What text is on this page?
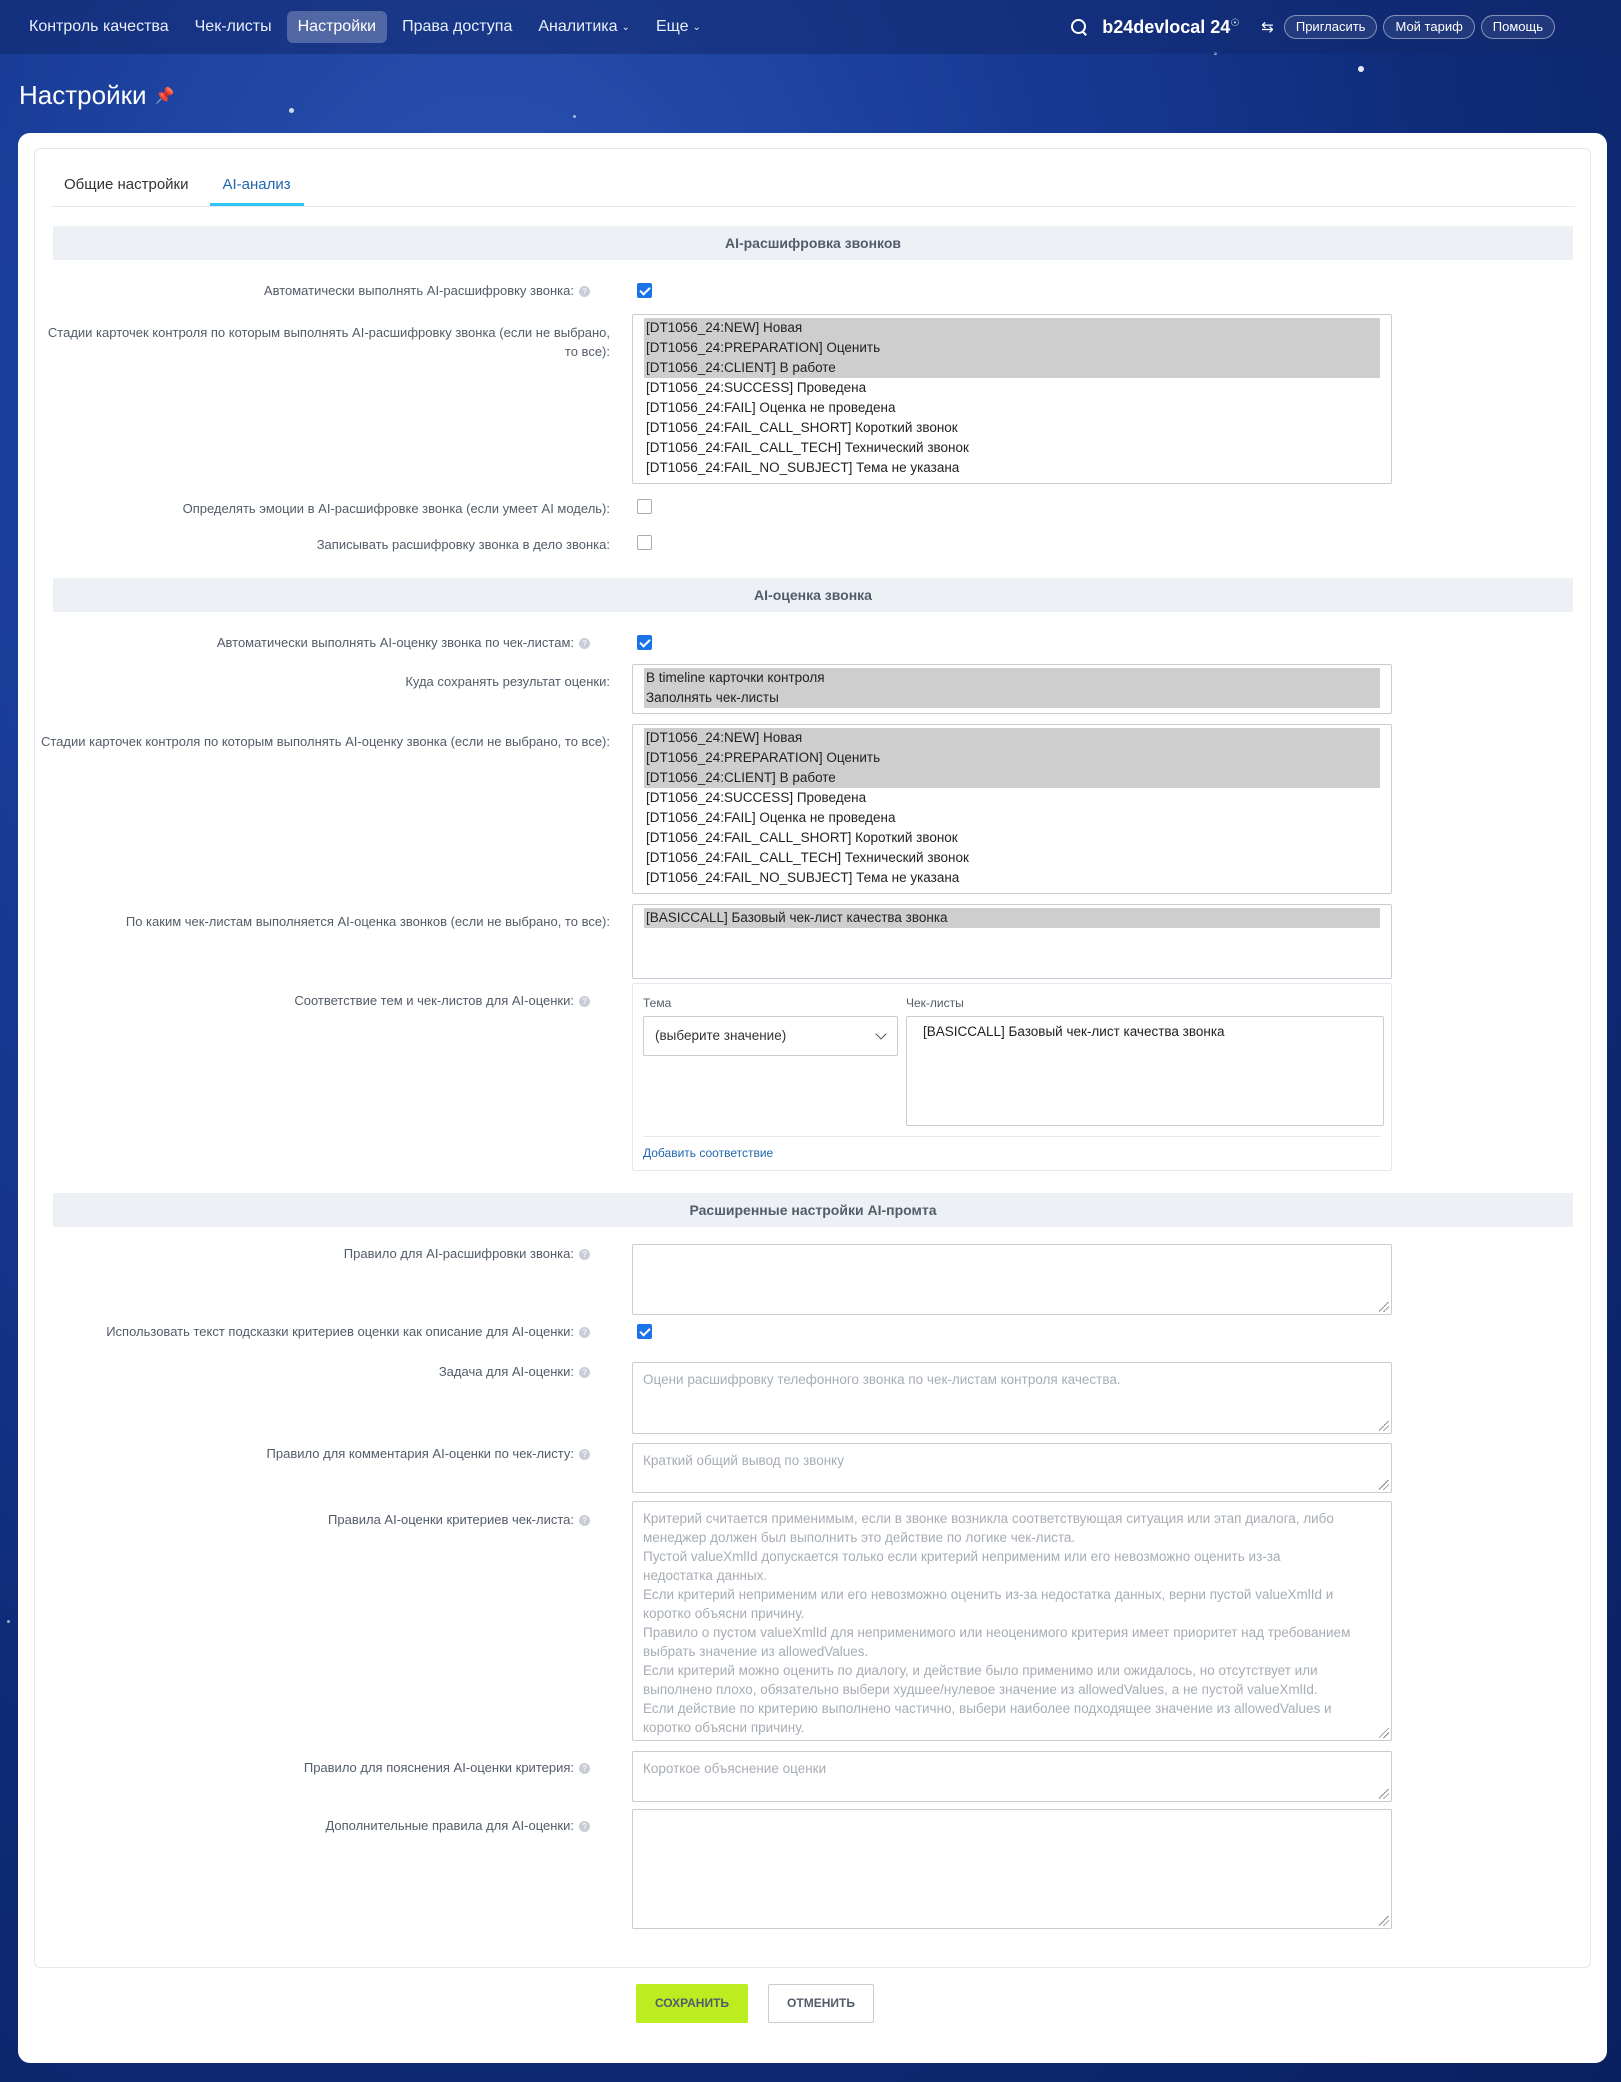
Контроль качества	Чек-листы	Настройки	Права доступа	Аналитика ⌄	Еще ⌄	b24devlocal 24☉ ⇆	Пригласить	Мой тариф	Помощь
Настройки 📌
Общие настройки	AI-анализ
AI-расшифровка звонков
Автоматически выполнять AI-расшифровку звонка: ?
Стадии карточек контроля по которым выполнять AI-расшифровку звонка (если не выбрано,
то все):
[DT1056_24:NEW] Новая
[DT1056_24:PREPARATION] Оценить
[DT1056_24:CLIENT] В работе
[DT1056_24:SUCCESS] Проведена
[DT1056_24:FAIL] Оценка не проведена
[DT1056_24:FAIL_CALL_SHORT] Короткий звонок
[DT1056_24:FAIL_CALL_TECH] Технический звонок
[DT1056_24:FAIL_NO_SUBJECT] Тема не указана
Определять эмоции в AI-расшифровке звонка (если умеет AI модель):
Записывать расшифровку звонка в дело звонка:
AI-оценка звонка
Автоматически выполнять AI-оценку звонка по чек-листам: ?
Куда сохранять результат оценки:	В timeline карточки контроля
Заполнять чек-листы
Стадии карточек контроля по которым выполнять AI-оценку звонка (если не выбрано, то все):	[DT1056_24:NEW] Новая
[DT1056_24:PREPARATION] Оценить
[DT1056_24:CLIENT] В работе
[DT1056_24:SUCCESS] Проведена
[DT1056_24:FAIL] Оценка не проведена
[DT1056_24:FAIL_CALL_SHORT] Короткий звонок
[DT1056_24:FAIL_CALL_TECH] Технический звонок
[DT1056_24:FAIL_NO_SUBJECT] Тема не указана
По каким чек-листам выполняется AI-оценка звонков (если не выбрано, то все):	[BASICCALL] Базовый чек-лист качества звонка
Соответствие тем и чек-листов для AI-оценки: ?	Тема	Чек-листы
(выберите значение)	[BASICCALL] Базовый чек-лист качества звонка
Добавить соответствие
Расширенные настройки AI-промта
Правило для AI-расшифровки звонка: ?
Использовать текст подсказки критериев оценки как описание для AI-оценки: ?
Задача для AI-оценки: ?	Оцени расшифровку телефонного звонка по чек-листам контроля качества.
Правило для комментария AI-оценки по чек-листу: ?	Краткий общий вывод по звонку
Правила AI-оценки критериев чек-листа: ?	Критерий считается применимым, если в звонке возникла соответствующая ситуация или этап диалога, либо
менеджер должен был выполнить это действие по логике чек-листа.
Пустой valueXmlId допускается только если критерий неприменим или его невозможно оценить из-за
недостатка данных.
Если критерий неприменим или его невозможно оценить из-за недостатка данных, верни пустой valueXmlId и
коротко объясни причину.
Правило о пустом valueXmlId для неприменимого или неоценимого критерия имеет приоритет над требованием
выбрать значение из allowedValues.
Если критерий можно оценить по диалогу, и действие было применимо или ожидалось, но отсутствует или
выполнено плохо, обязательно выбери худшее/нулевое значение из allowedValues, а не пустой valueXmlId.
Если действие по критерию выполнено частично, выбери наиболее подходящее значение из allowedValues и
коротко объясни причину.
Правило для пояснения AI-оценки критерия: ?	Короткое объяснение оценки
Дополнительные правила для AI-оценки: ?
СОХРАНИТЬ	ОТМЕНИТЬ
